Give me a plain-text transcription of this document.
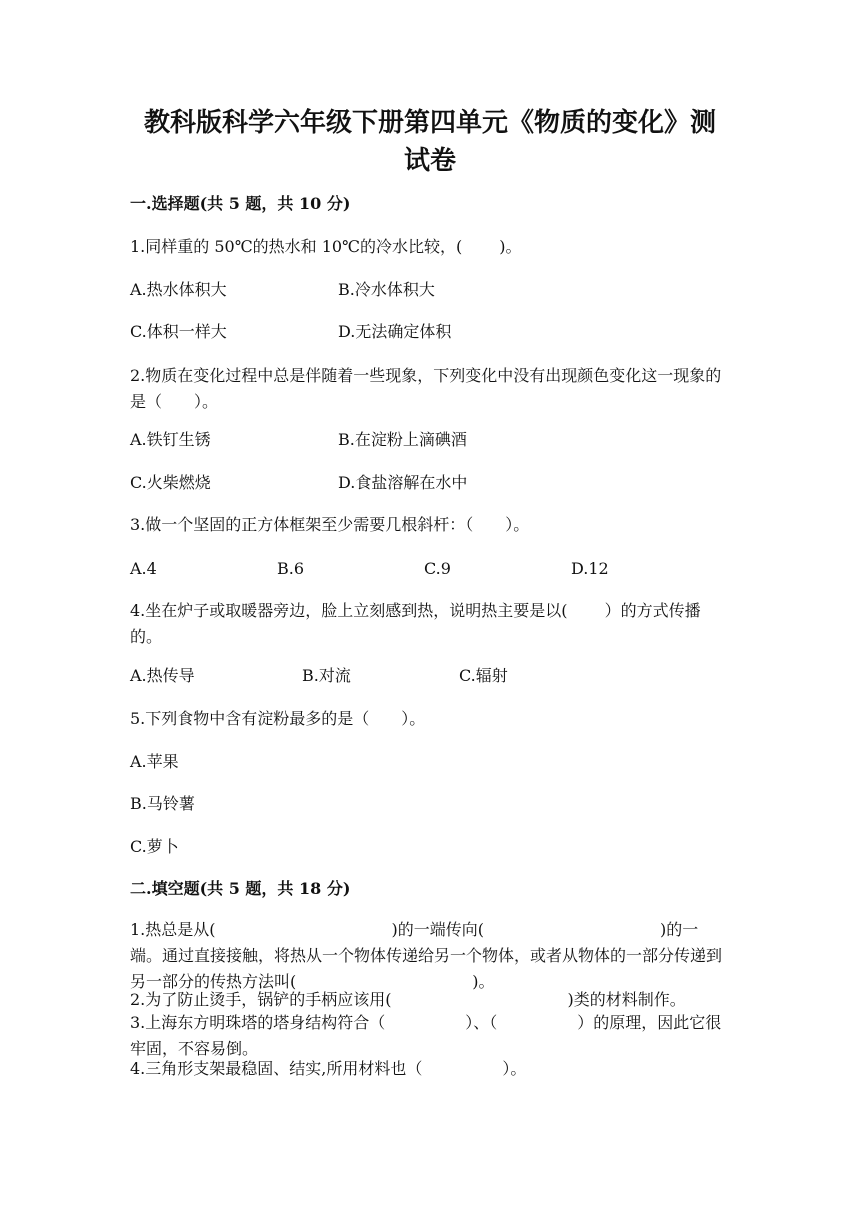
教科版科学六年级下册第四单元《物质的变化》测
试卷

一.选择题(共 5 题，共 10 分)

1.同样重的 50℃的热水和 10℃的冷水比较，(　　 )。

A.热水体积大	B.冷水体积大
C.体积一样大	D.无法确定体积

2.物质在变化过程中总是伴随着一些现象，下列变化中没有出现颜色变化这一现象的是（　　）。

A.铁钉生锈	B.在淀粉上滴碘酒
C.火柴燃烧	D.食盐溶解在水中

3.做一个坚固的正方体框架至少需要几根斜杆：（　　）。

A.4	B.6	C.9	D.12

4.坐在炉子或取暖器旁边，脸上立刻感到热，说明热主要是以(　　 ）的方式传播的。

A.热传导	B.对流	C.辐射

5.下列食物中含有淀粉最多的是（　　）。

A.苹果
B.马铃薯
C.萝卜

二.填空题(共 5 题，共 18 分)

1.热总是从(　　　　　　　　　　　)的一端传向(　　　　　　　　　　　)的一端。通过直接接触，将热从一个物体传递给另一个物体，或者从物体的一部分传递到另一部分的传热方法叫(　　　　　　　　　　　)。

2.为了防止烫手，锅铲的手柄应该用(　　　　　　　　　　　)类的材料制作。

3.上海东方明珠塔的塔身结构符合（　　　　　）、（　　　　　）的原理，因此它很牢固，不容易倒。

4.三角形支架最稳固、结实,所用材料也（　　　　　）。
